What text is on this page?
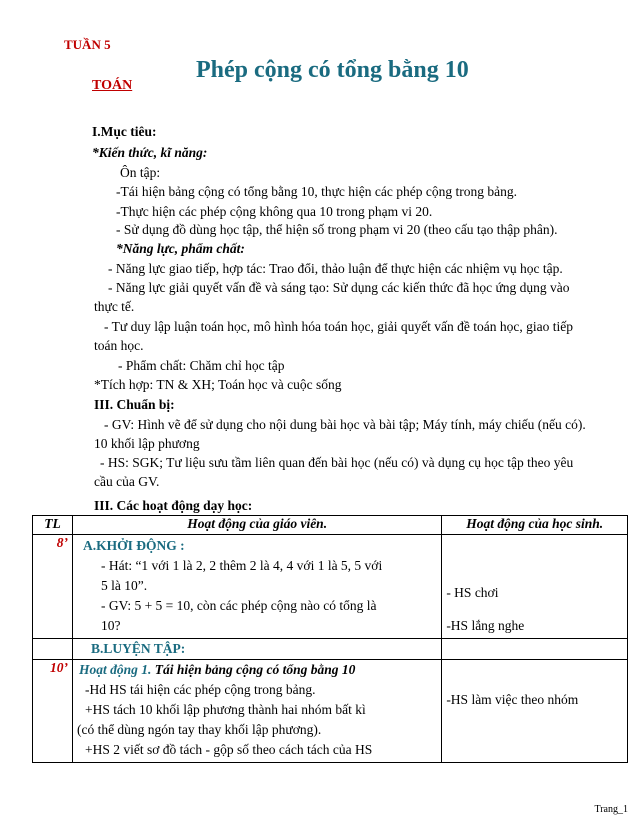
TUẦN 5
TOÁN
Phép cộng có tổng bằng 10
I.Mục tiêu:
*Kiến thức, kĩ năng:
Ôn tập:
-Tái hiện bảng cộng có tổng bằng 10, thực hiện các phép cộng trong bảng.
-Thực hiện các phép cộng không qua 10 trong phạm vi 20.
- Sử dụng đồ dùng học tập, thể hiện số trong phạm vi 20 (theo cấu tạo thập phân).
*Năng lực, phẩm chất:
- Năng lực giao tiếp, hợp tác: Trao đổi, thảo luận để thực hiện các nhiệm vụ học tập.
- Năng lực giải quyết vấn đề và sáng tạo: Sử dụng các kiến thức đã học ứng dụng vào
thực tế.
- Tư duy lập luận toán học, mô hình hóa toán học, giải quyết vấn đề toán học, giao tiếp
toán học.
- Phẩm chất: Chăm chỉ học tập
*Tích hợp: TN & XH; Toán học và cuộc sống
III. Chuẩn bị:
- GV: Hình vẽ để sử dụng cho nội dung bài học và bài tập; Máy tính, máy chiếu (nếu có).
10 khối lập phương
- HS: SGK; Tư liệu sưu tầm liên quan đến bài học (nếu có) và dụng cụ học tập theo yêu
cầu của GV.
III. Các hoạt động dạy học:
TL	Hoạt động của giáo viên.	Hoạt động của học sinh.
8’	A.KHỞI ĐỘNG :
- Hát: “1 với 1 là 2, 2 thêm 2 là 4, 4 với 1 là 5, 5 với
5 là 10”.
- GV: 5 + 5 = 10, còn các phép cộng nào có tổng là
10?	- HS chơi
-HS lắng nghe

	B.LUYỆN TẬP:	

10’	Hoạt động 1. Tái hiện bảng cộng có tổng bằng 10
-Hd HS tái hiện các phép cộng trong bảng.
+HS tách 10 khối lập phương thành hai nhóm bất kì
(có thể dùng ngón tay thay khối lập phương).
+HS 2 viết sơ đồ tách - gộp số theo cách tách của HS	-HS làm việc theo nhóm
Trang_1
